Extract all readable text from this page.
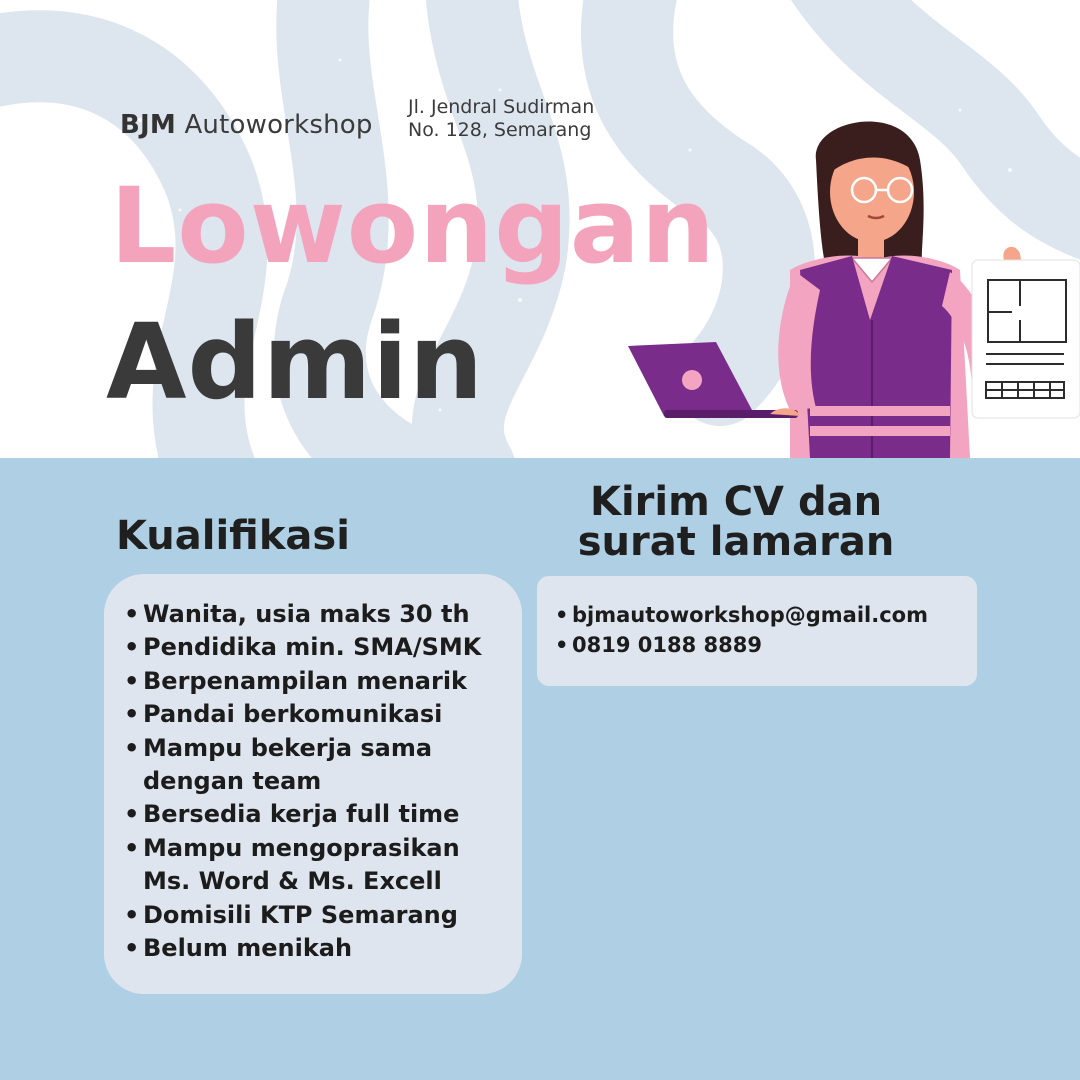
BJM Autoworkshop
Jl. Jendral Sudirman
No. 128, Semarang
Lowongan
Admin
Kualifikasi
• Wanita, usia maks 30 th
• Pendidika min. SMA/SMK
• Berpenampilan menarik
• Pandai berkomunikasi
• Mampu bekerja sama
dengan team
• Bersedia kerja full time
• Mampu mengoprasikan
Ms. Word & Ms. Excell
• Domisili KTP Semarang
• Belum menikah
Kirim CV dan
surat lamaran
• bjmautoworkshop@gmail.com
• 0819 0188 8889
